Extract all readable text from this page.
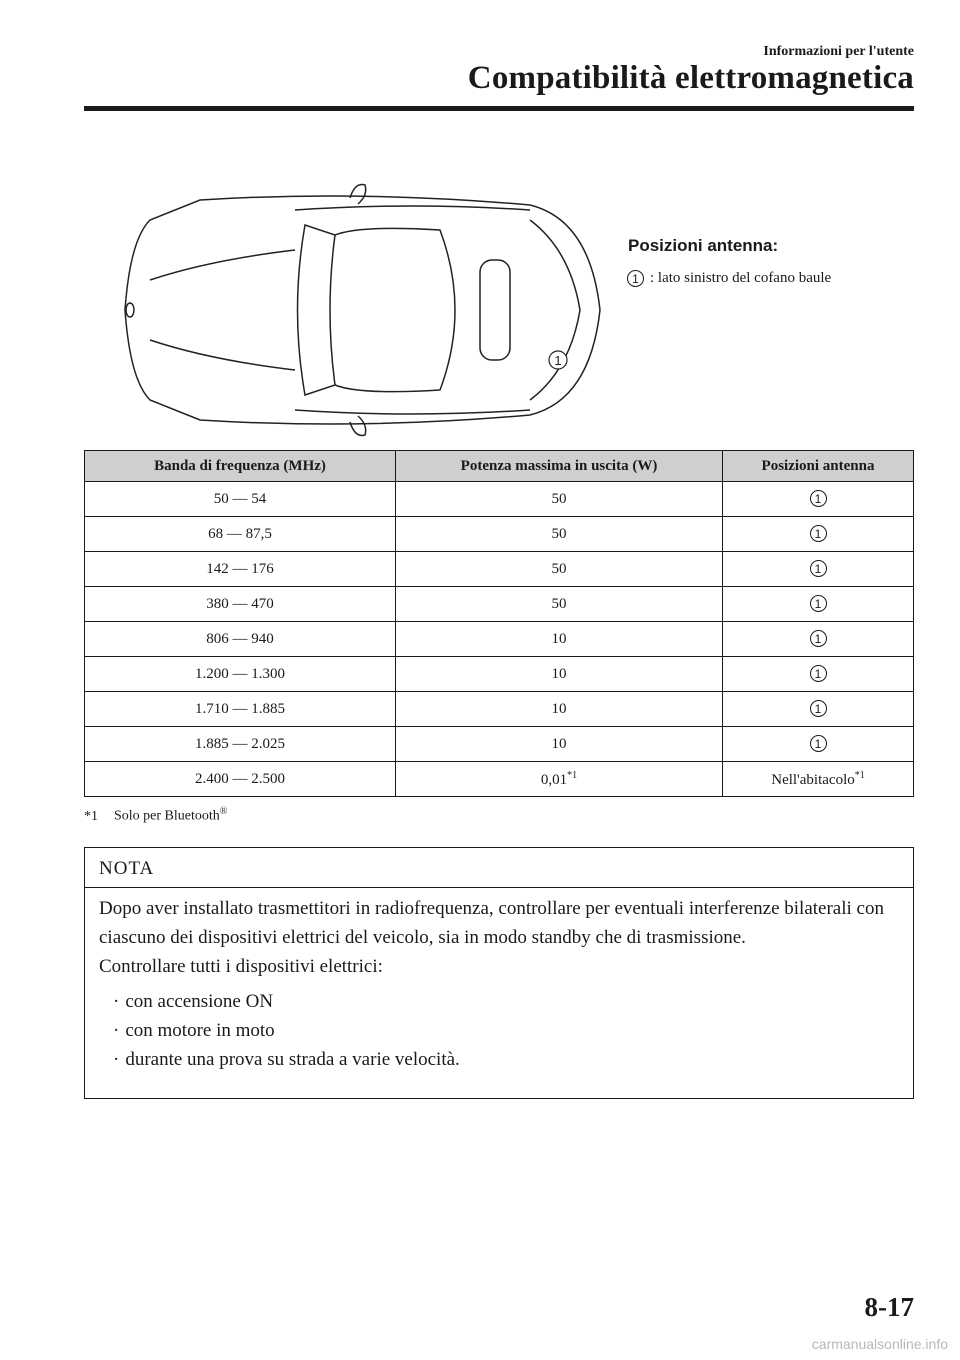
Informazioni per l'utente
Compatibilità elettromagnetica
1
Posizioni antenna:
1 : lato sinistro del cofano baule
Banda di frequenza (MHz)	Potenza massima in uscita (W)	Posizioni antenna
50 — 54	50	1
68 — 87,5	50	1
142 — 176	50	1
380 — 470	50	1
806 — 940	10	1
1.200 — 1.300	10	1
1.710 — 1.885	10	1
1.885 — 2.025	10	1
2.400 — 2.500	0,01$^{*1}$	Nell'abitacolo$^{*1}$
*1 Solo per Bluetooth®
NOTA

Dopo aver installato trasmettitori in radiofrequenza, controllare per eventuali interferenze bilaterali con ciascuno dei dispositivi elettrici del veicolo, sia in modo standby che di trasmissione.

Controllare tutti i dispositivi elettrici:

· con accensione ON
· con motore in moto
· durante una prova su strada a varie velocità.
8-17
carmanualsonline.info
